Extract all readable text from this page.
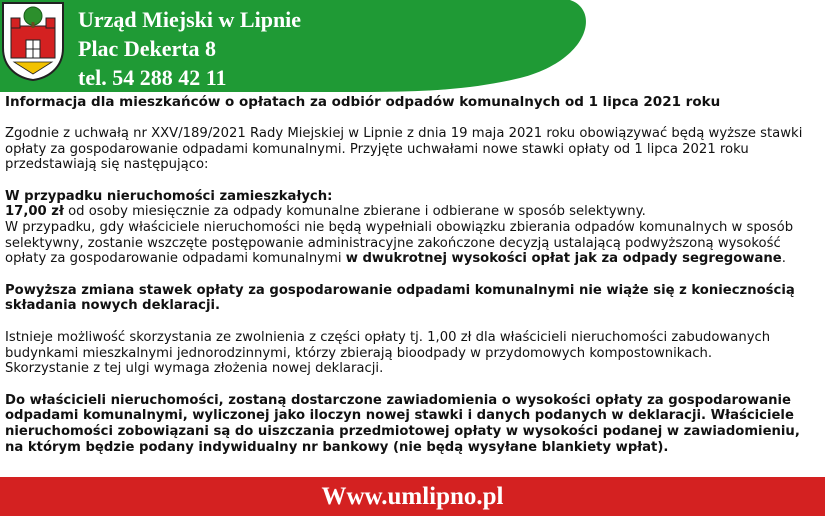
Urząd Miejski w Lipnie
Plac Dekerta 8
tel. 54 288 42 11
Informacja dla mieszkańców o opłatach za odbiór odpadów komunalnych od 1 lipca 2021 roku

Zgodnie z uchwałą nr XXV/189/2021 Rady Miejskiej w Lipnie z dnia 19 maja 2021 roku obowiązywać będą wyższe stawki opłaty za gospodarowanie odpadami komunalnymi. Przyjęte uchwałami nowe stawki opłaty od 1 lipca 2021 roku przedstawiają się następująco:

W przypadku nieruchomości zamieszkałych:
17,00 zł od osoby miesięcznie za odpady komunalne zbierane i odbierane w sposób selektywny.
W przypadku, gdy właściciele nieruchomości nie będą wypełniali obowiązku zbierania odpadów komunalnych w sposób selektywny, zostanie wszczęte postępowanie administracyjne zakończone decyzją ustalającą podwyższoną wysokość opłaty za gospodarowanie odpadami komunalnymi w dwukrotnej wysokości opłat jak za odpady segregowane.

Powyższa zmiana stawek opłaty za gospodarowanie odpadami komunalnymi nie wiąże się z koniecznością składania nowych deklaracji.

Istnieje możliwość skorzystania ze zwolnienia z części opłaty tj. 1,00 zł dla właścicieli nieruchomości zabudowanych budynkami mieszkalnymi jednorodzinnymi, którzy zbierają bioodpady w przydomowych kompostownikach.
Skorzystanie z tej ulgi wymaga złożenia nowej deklaracji.

Do właścicieli nieruchomości, zostaną dostarczone zawiadomienia o wysokości opłaty za gospodarowanie odpadami komunalnymi, wyliczonej jako iloczyn nowej stawki i danych podanych w deklaracji. Właściciele nieruchomości zobowiązani są do uiszczania przedmiotowej opłaty w wysokości podanej w zawiadomieniu, na którym będzie podany indywidualny nr bankowy (nie będą wysyłane blankiety wpłat).

Www.umlipno.pl
